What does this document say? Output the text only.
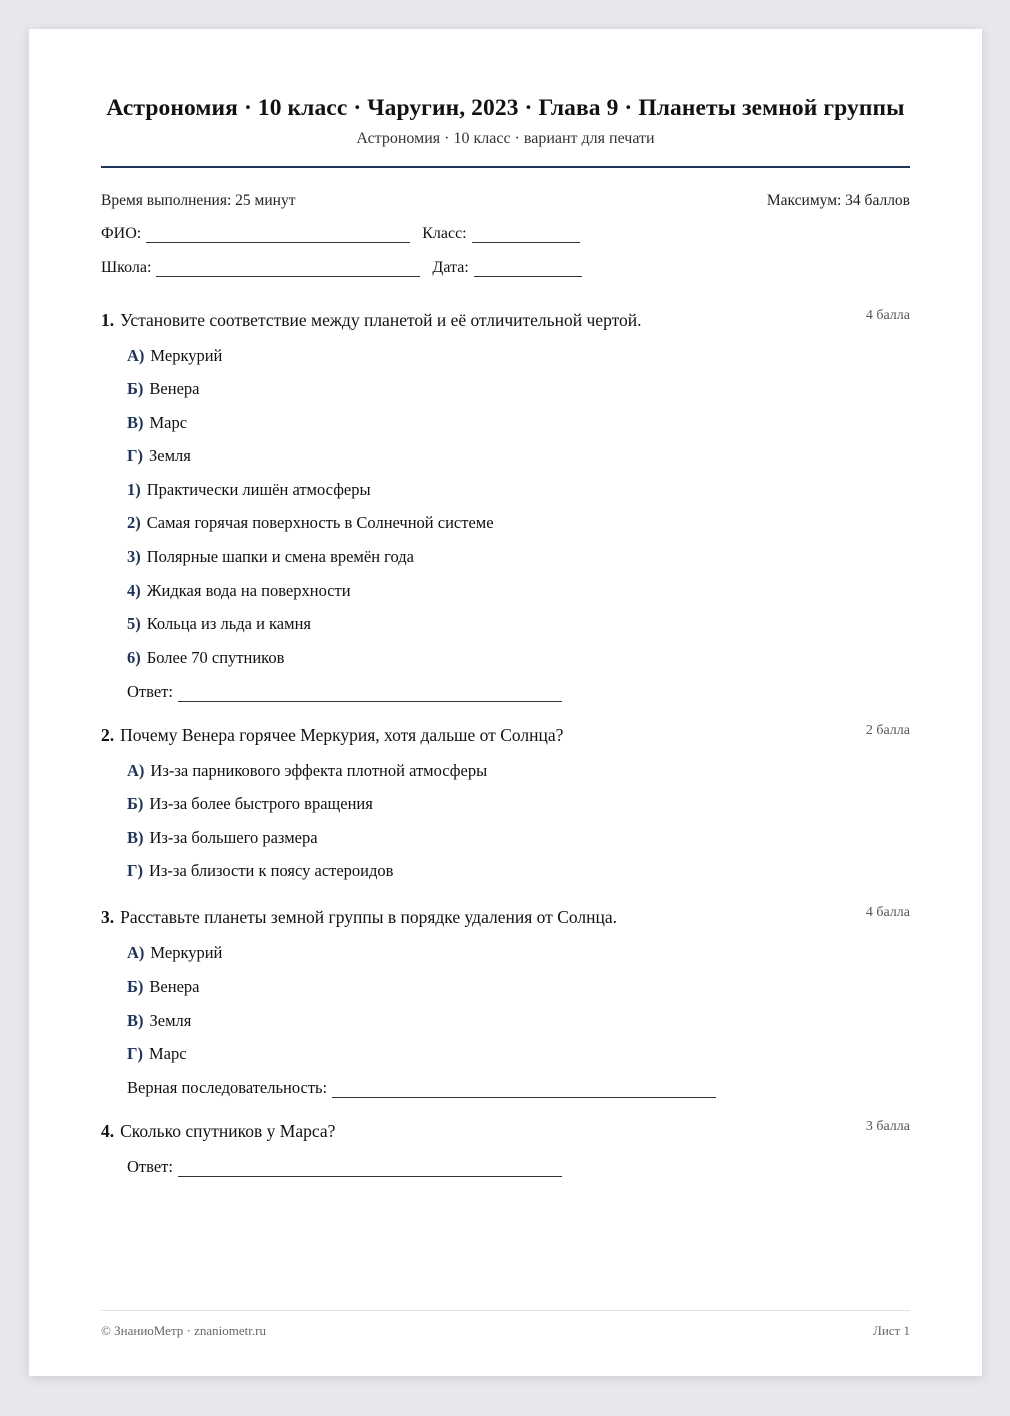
Астрономия · 10 класс · Чаругин, 2023 · Глава 9 · Планеты земной группы
Астрономия · 10 класс · вариант для печати
Время выполнения: 25 минут	Максимум: 34 баллов
ФИО:	Класс:
Школа:	Дата:
1. Установите соответствие между планетой и её отличительной чертой.	4 балла
А) Меркурий
Б) Венера
В) Марс
Г) Земля
1) Практически лишён атмосферы
2) Самая горячая поверхность в Солнечной системе
3) Полярные шапки и смена времён года
4) Жидкая вода на поверхности
5) Кольца из льда и камня
6) Более 70 спутников
Ответ:
2. Почему Венера горячее Меркурия, хотя дальше от Солнца?	2 балла
А) Из-за парникового эффекта плотной атмосферы
Б) Из-за более быстрого вращения
В) Из-за большего размера
Г) Из-за близости к поясу астероидов
3. Расставьте планеты земной группы в порядке удаления от Солнца.	4 балла
А) Меркурий
Б) Венера
В) Земля
Г) Марс
Верная последовательность:
4. Сколько спутников у Марса?	3 балла
Ответ:
© ЗнаниоМетр · znaniometr.ru	Лист 1
